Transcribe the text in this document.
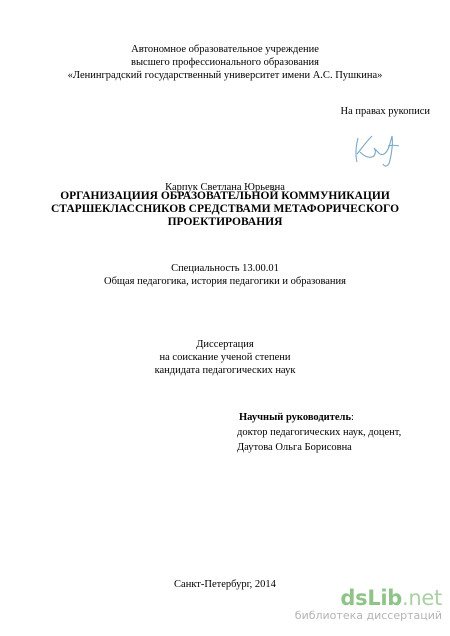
Автономное образовательное учреждение
высшего профессионального образования
«Ленинградский государственный университет имени А.С. Пушкина»
На правах рукописи
Карпук Светлана Юрьевна
ОРГАНИЗАЦИИЯ ОБРАЗОВАТЕЛЬНОЙ КОММУНИКАЦИИ
СТАРШЕКЛАССНИКОВ СРЕДСТВАМИ МЕТАФОРИЧЕСКОГО
ПРОЕКТИРОВАНИЯ
Специальность 13.00.01
Общая педагогика, история педагогики и образования
Диссертация
на соискание ученой степени
кандидата педагогических наук
Научный руководитель:
доктор педагогических наук, доцент,
Даутова Ольга Борисовна
Санкт-Петербург, 2014
dsLib.net
библиотека диссертаций
